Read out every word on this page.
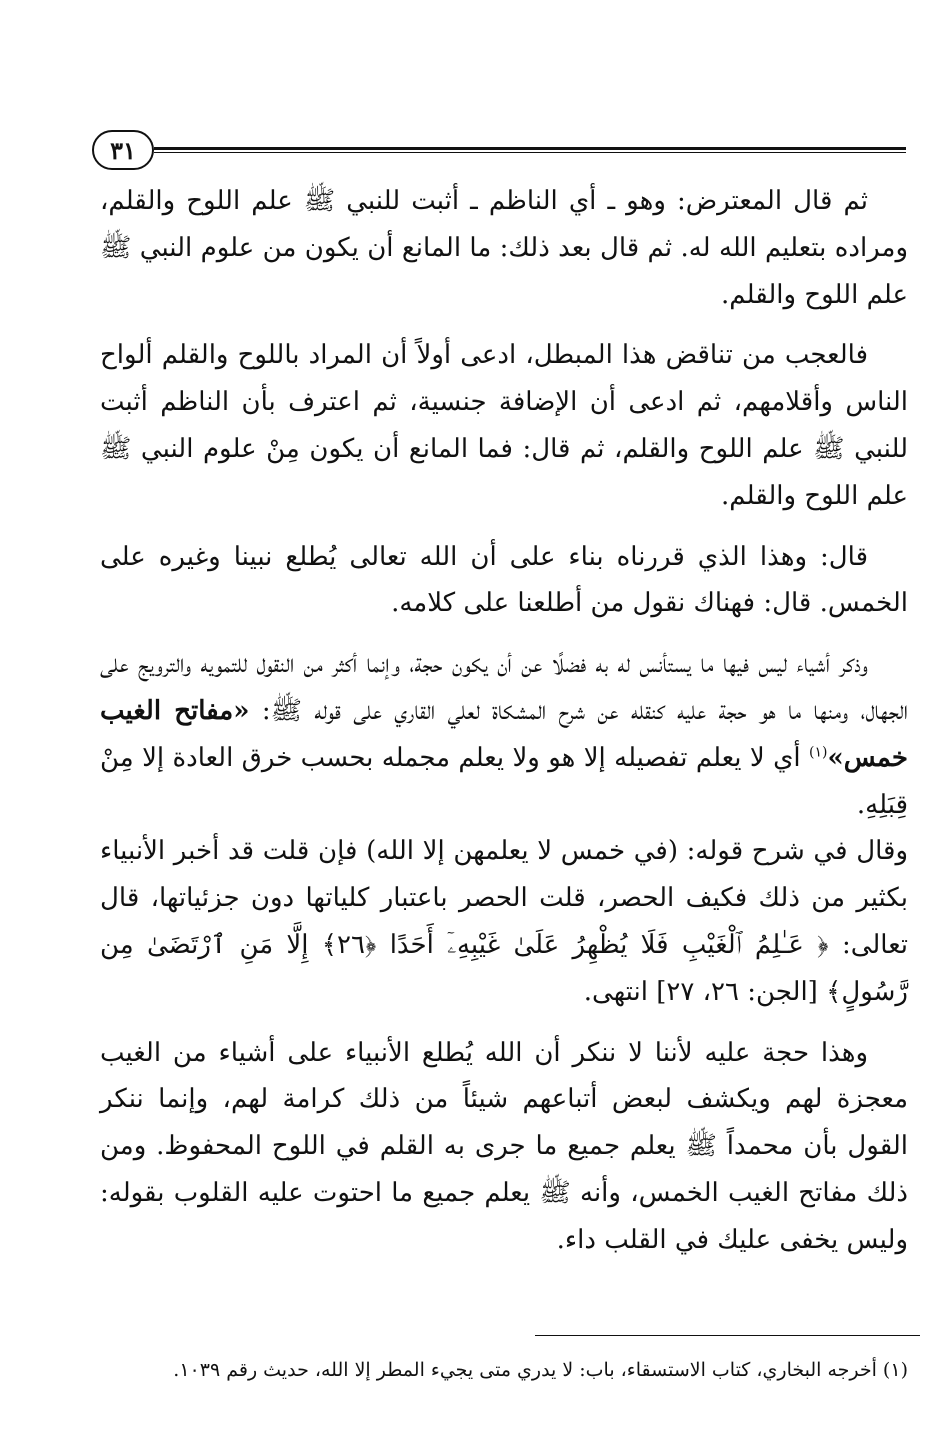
٣١

ثم قال المعترض: وهو ـ أي الناظم ـ أثبت للنبي ﷺ علم اللوح والقلم، ومراده بتعليم الله له. ثم قال بعد ذلك: ما المانع أن يكون من علوم النبي ﷺ علم اللوح والقلم.

فالعجب من تناقض هذا المبطل، ادعى أولاً أن المراد باللوح والقلم ألواح الناس وأقلامهم، ثم ادعى أن الإضافة جنسية، ثم اعترف بأن الناظم أثبت للنبي ﷺ علم اللوح والقلم، ثم قال: فما المانع أن يكون مِنْ علوم النبي ﷺ علم اللوح والقلم.

قال: وهذا الذي قررناه بناء على أن الله تعالى يُطلع نبينا وغيره على الخمس. قال: فهناك نقول من أطلعنا على كلامه.

وذكر أشياء ليس فيها ما يستأنس له به فضلًا عن أن يكون حجة، وإنما أكثر من النقول للتمويه والترويج على الجهال، ومنها ما هو حجة عليه كنقله عن شرح المشكاة لعلي القاري على قوله ﷺ: «مفاتح الغيب خمس»$^{(١)}$ أي لا يعلم تفصيله إلا هو ولا يعلم مجمله بحسب خرق العادة إلا مِنْ قِبَلِهِ.

وقال في شرح قوله: (في خمس لا يعلمهن إلا الله) فإن قلت قد أخبر الأنبياء بكثير من ذلك فكيف الحصر، قلت الحصر باعتبار كلياتها دون جزئياتها، قال تعالى: ﴿ عَـٰلِمُ ٱلْغَيْبِ فَلَا يُظْهِرُ عَلَىٰ غَيْبِهِۦٓ أَحَدًا ﴿٢٦﴾ إِلَّا مَنِ ٱرْتَضَىٰ مِن رَّسُولٍ﴾ [الجن: ٢٦، ٢٧] انتهى.

وهذا حجة عليه لأننا لا ننكر أن الله يُطلع الأنبياء على أشياء من الغيب معجزة لهم ويكشف لبعض أتباعهم شيئاً من ذلك كرامة لهم، وإنما ننكر القول بأن محمداً ﷺ يعلم جميع ما جرى به القلم في اللوح المحفوظ. ومن ذلك مفاتح الغيب الخمس، وأنه ﷺ يعلم جميع ما احتوت عليه القلوب بقوله: وليس يخفى عليك في القلب داء.

(١) أخرجه البخاري، كتاب الاستسقاء، باب: لا يدري متى يجيء المطر إلا الله، حديث رقم ١٠٣٩.
